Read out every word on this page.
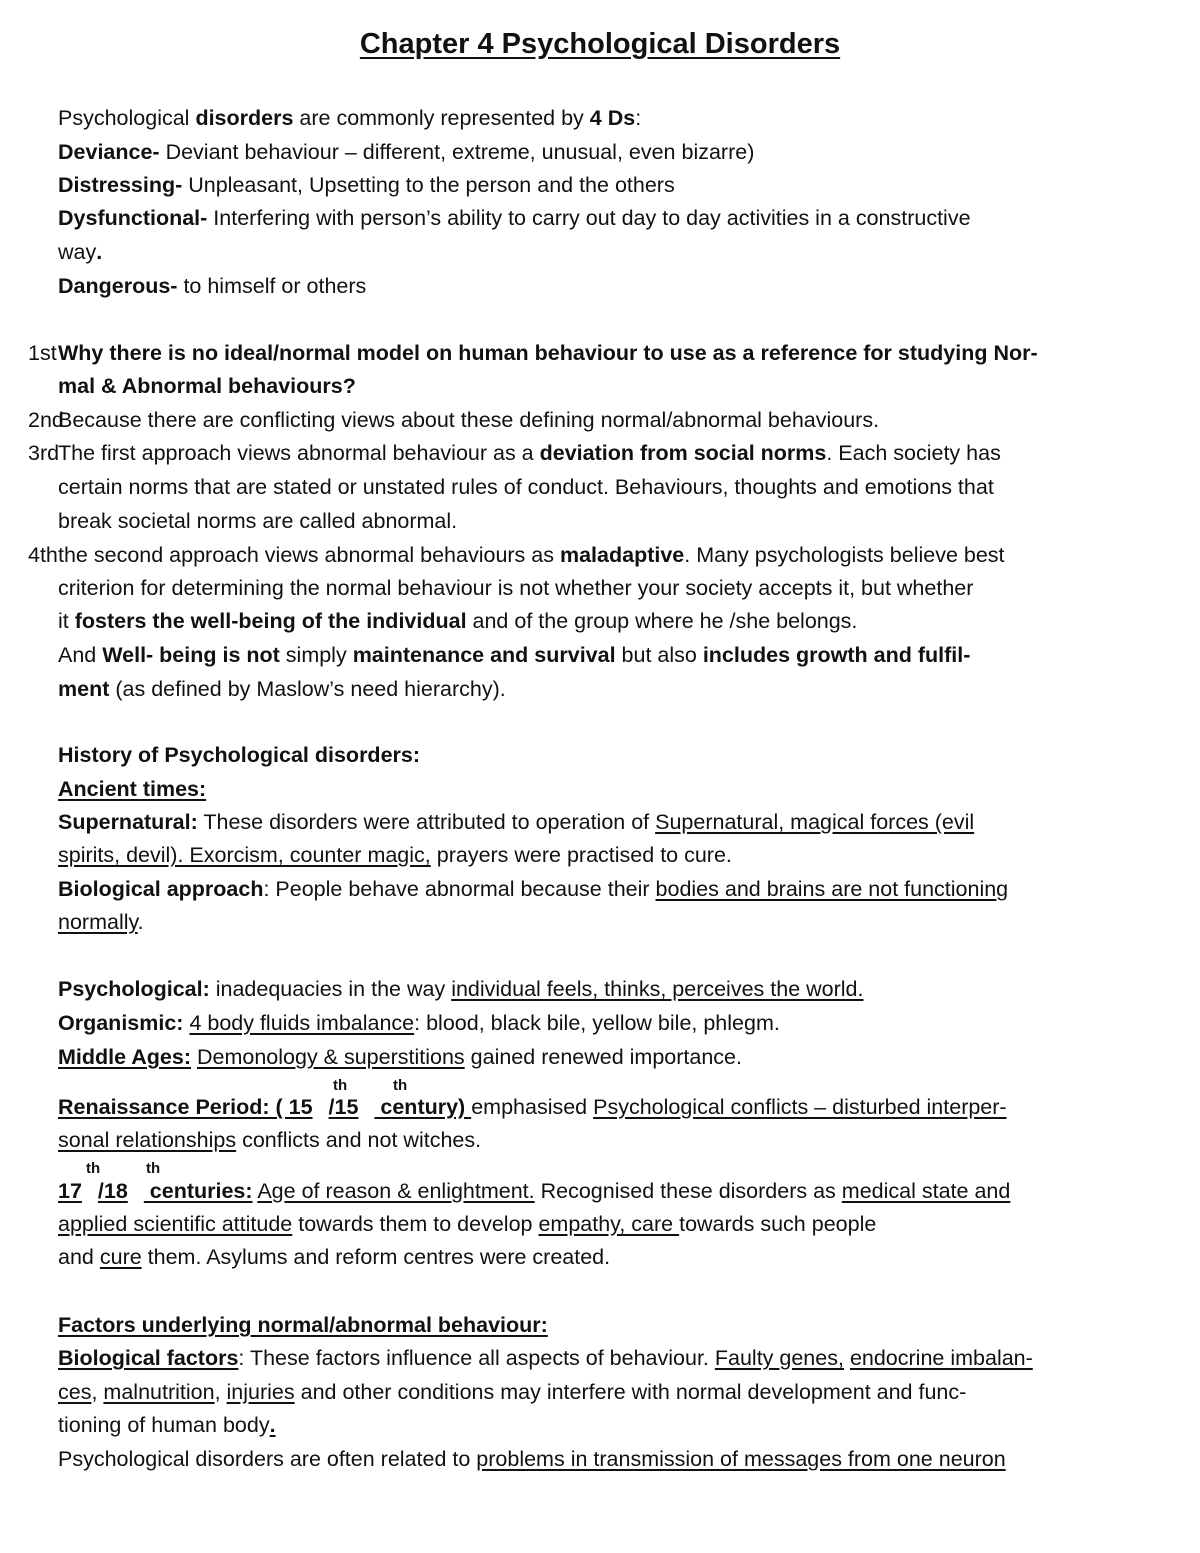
Chapter 4 Psychological Disorders
Psychological disorders are commonly represented by 4 Ds:
Deviance- Deviant behaviour – different, extreme, unusual, even bizarre)
Distressing- Unpleasant, Upsetting to the person and the others
Dysfunctional- Interfering with person’s ability to carry out day to day activities in a constructive
way.
Dangerous- to himself or others
1st Why there is no ideal/normal model on human behaviour to use as a reference for studying Nor-
mal & Abnormal behaviours?
2nd
Because there are conflicting views about these defining normal/abnormal behaviours.
3rd
The first approach views abnormal behaviour as a deviation from social norms. Each society has
certain norms that are stated or unstated rules of conduct. Behaviours, thoughts and emotions that
break societal norms are called abnormal.
4th the second approach views abnormal behaviours as maladaptive. Many psychologists believe best
criterion for determining the normal behaviour is not whether your society accepts it, but whether
it fosters the well-being of the individual and of the group where he /she belongs.
And Well- being is not simply maintenance and survival but also includes growth and fulfil-
ment (as defined by Maslow’s need hierarchy).
History of Psychological disorders:
Ancient times:
Supernatural: These disorders were attributed to operation of Supernatural, magical forces (evil
spirits, devil). Exorcism, counter magic, prayers were practised to cure.
Biological approach: People behave abnormal because their bodies and brains are not functioning
normally.
Psychological: inadequacies in the way individual feels, thinks, perceives the world.
Organismic: 4 body fluids imbalance: blood, black bile, yellow bile, phlegm.
Middle Ages: Demonology & superstitions gained renewed importance.
th	th
Renaissance Period: ( 15 /15 century) emphasised Psychological conflicts – disturbed interper-
sonal relationships conflicts and not witches.
th	th
17 /18 centuries: Age of reason & enlightment. Recognised these disorders as medical state and
applied scientific attitude towards them to develop empathy, care towards such people
and cure them. Asylums and reform centres were created.
Factors underlying normal/abnormal behaviour:
Biological factors: These factors influence all aspects of behaviour. Faulty genes, endocrine imbalan-
ces, malnutrition, injuries and other conditions may interfere with normal development and func-
tioning of human body.
Psychological disorders are often related to problems in transmission of messages from one neuron
